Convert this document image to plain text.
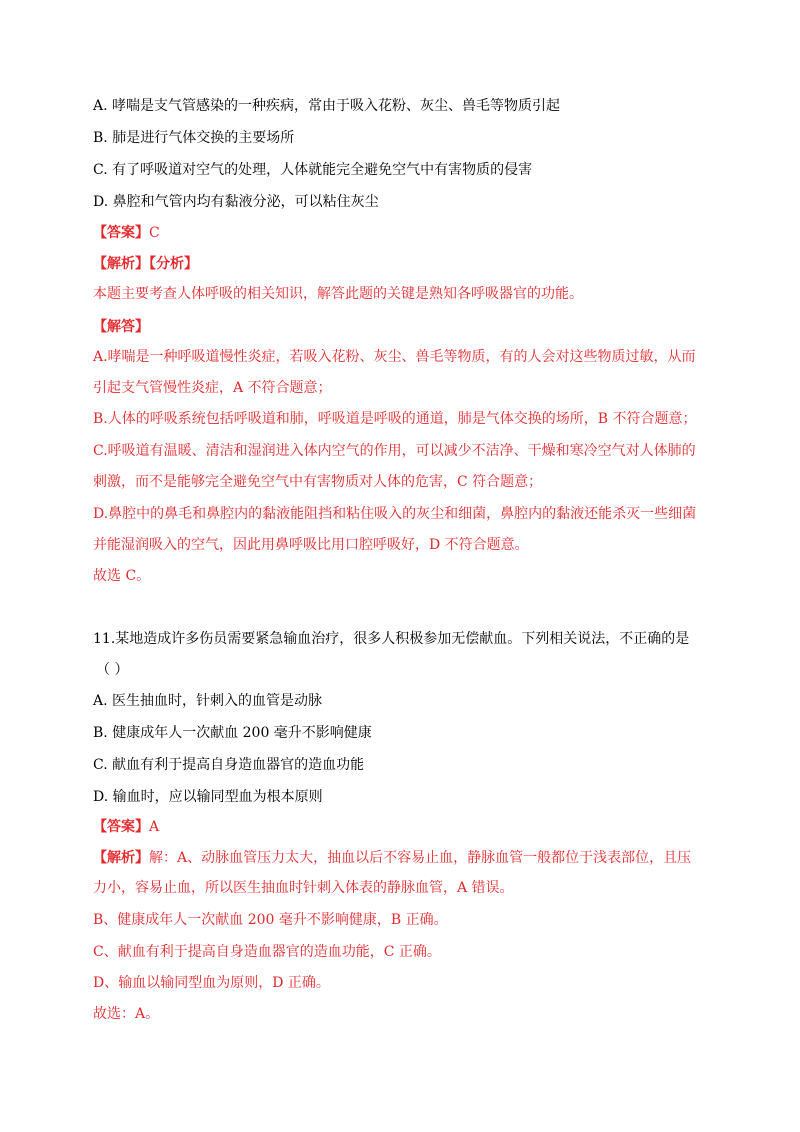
A. 哮喘是支气管感染的一种疾病，常由于吸入花粉、灰尘、兽毛等物质引起
B. 肺是进行气体交换的主要场所
C. 有了呼吸道对空气的处理，人体就能完全避免空气中有害物质的侵害
D. 鼻腔和气管内均有黏液分泌，可以粘住灰尘
【答案】C
【解析】【分析】
本题主要考查人体呼吸的相关知识，解答此题的关键是熟知各呼吸器官的功能。
【解答】
A.哮喘是一种呼吸道慢性炎症，若吸入花粉、灰尘、兽毛等物质，有的人会对这些物质过敏，从而
引起支气管慢性炎症，A 不符合题意；
B.人体的呼吸系统包括呼吸道和肺，呼吸道是呼吸的通道，肺是气体交换的场所，B 不符合题意；
C.呼吸道有温暖、清洁和湿润进入体内空气的作用，可以减少不洁净、干燥和寒冷空气对人体肺的
刺激，而不是能够完全避免空气中有害物质对人体的危害，C 符合题意；
D.鼻腔中的鼻毛和鼻腔内的黏液能阻挡和粘住吸入的灰尘和细菌，鼻腔内的黏液还能杀灭一些细菌
并能湿润吸入的空气，因此用鼻呼吸比用口腔呼吸好，D 不符合题意。
故选 C。
11.某地造成许多伤员需要紧急输血治疗，很多人积极参加无偿献血。下列相关说法，不正确的是
（ ）
A. 医生抽血时，针刺入的血管是动脉
B. 健康成年人一次献血 200 毫升不影响健康
C. 献血有利于提高自身造血器官的造血功能
D. 输血时，应以输同型血为根本原则
【答案】A
【解析】解：A、动脉血管压力太大，抽血以后不容易止血，静脉血管一般都位于浅表部位，且压
力小，容易止血，所以医生抽血时针刺入体表的静脉血管，A 错误。
B、健康成年人一次献血 200 毫升不影响健康，B 正确。
C、献血有利于提高自身造血器官的造血功能，C 正确。
D、输血以输同型血为原则，D 正确。
故选：A。
